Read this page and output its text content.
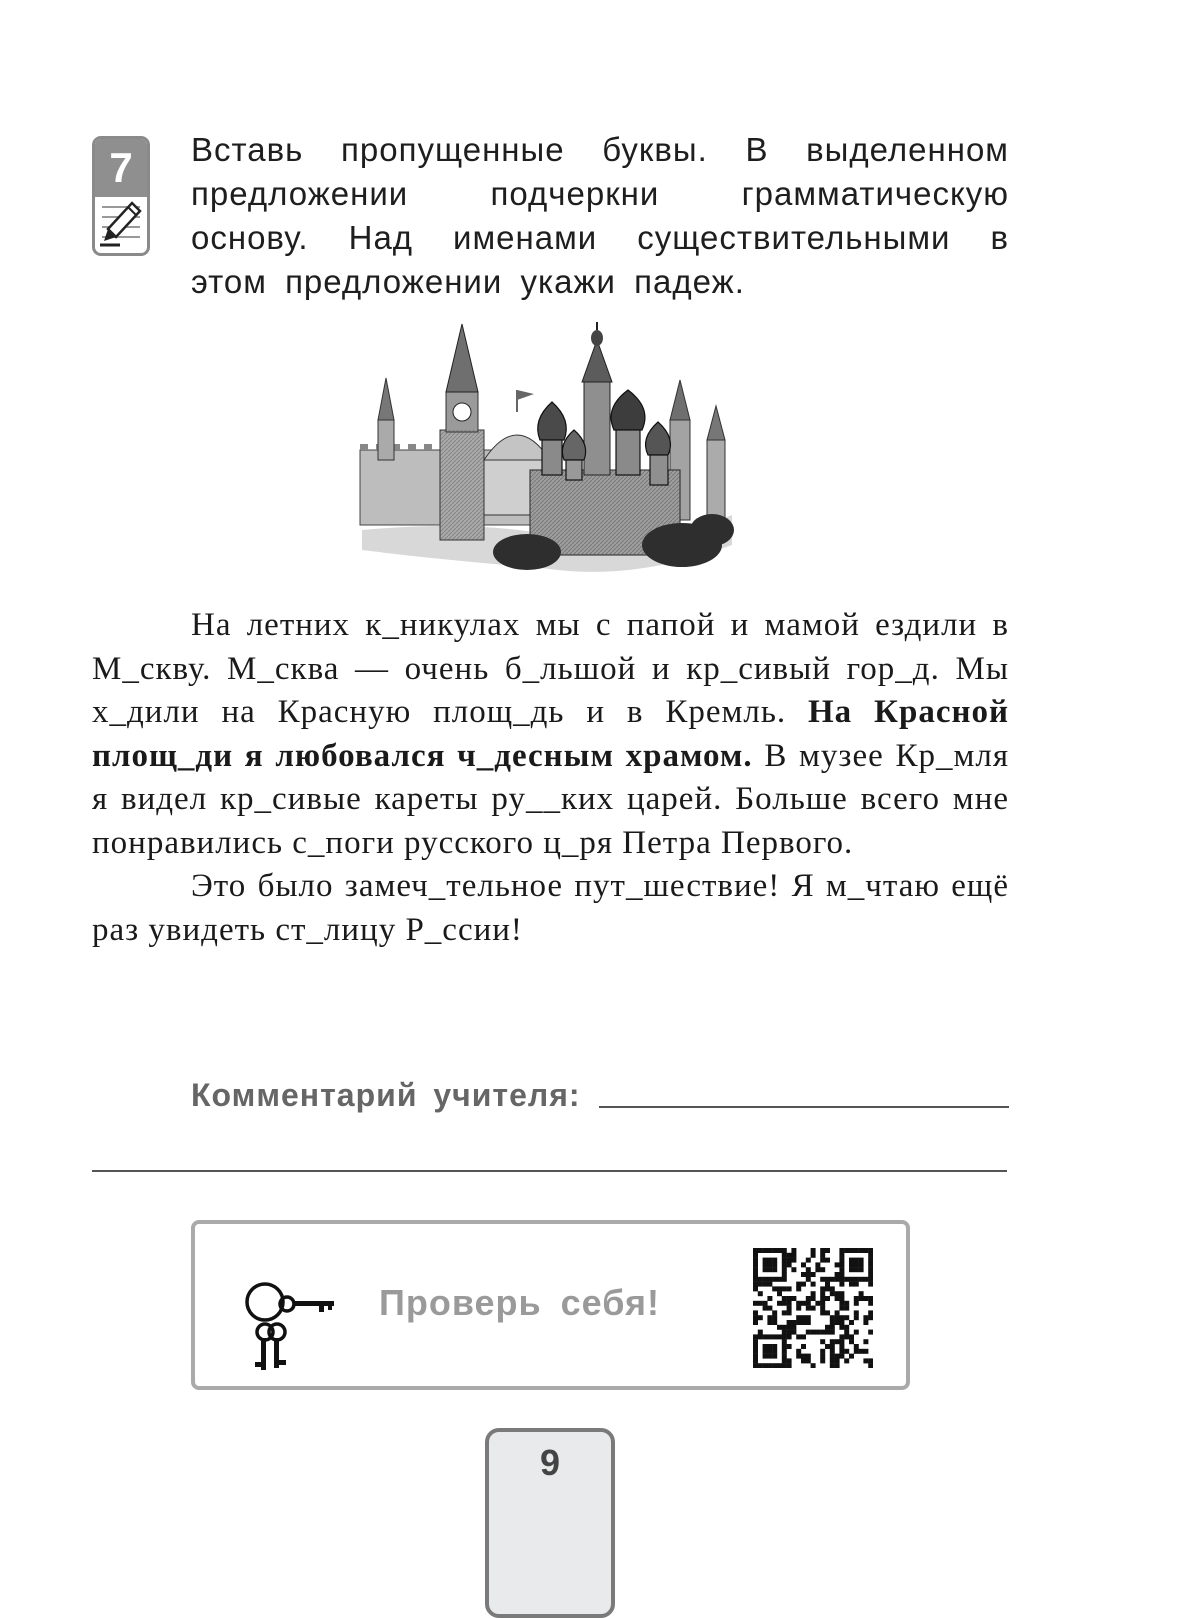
7	Вставь пропущенные буквы. В выделенном предложении подчеркни грамматическую основу. Над именами существительными в этом предложении укажи падеж.

На летних к_никулах мы с папой и мамой ездили в М_скву. М_сква — очень б_льшой и кр_сивый гор_д. Мы х_дили на Красную площ_дь и в Кремль. На Красной площ_ди я любовался ч_десным храмом. В музее Кр_мля я видел кр_сивые кареты ру__ких царей. Больше всего мне понравились с_поги русского ц_ря Петра Первого.

Это было замеч_тельное пут_шествие! Я м_чтаю ещё раз увидеть ст_лицу Р_ссии!

Комментарий учителя:
Проверь себя!
9
